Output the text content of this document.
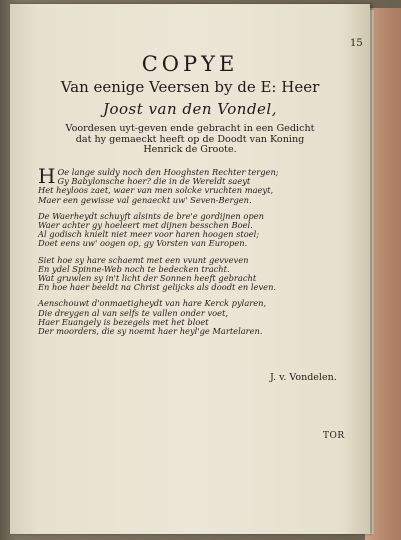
15
COPYE
Van eenige Veersen by de E: Heer
Joost van den Vondel,
Voordesen uyt-geven ende gebracht in een Gedicht
dat hy gemaeckt heeft op de Doodt van Koning
Henrick de Groote.
H Oe lange suldy noch den Hooghsten Rechter tergen;
Gy Babylonsche hoer? die in de Wereldt saeyt
Het heyloos zaet, waer van men solcke vruchten maeyt,
Maer een gewisse val genaeckt uw' Seven-Bergen.
De Waerheydt schuyft alsints de bre'e gordijnen open
Waer achter gy hoeleert met dijnen besschen Boel.
Al godisch knielt niet meer voor haren hoogen stoel;
Doet eens uw' oogen op, gy Vorsten van Europen.
Siet hoe sy hare schaemt met een vvunt gevveven
En ydel Spinne-Web noch te bedecken tracht.
Wat gruwlen sy in't licht der Sonnen heeft gebracht
En hoe haer beeldt na Christ gelijcks als doodt en leven.
Aenschouwt d'onmaetigheydt van hare Kerck pylaren,
Die dreygen al van selfs te vallen onder voet,
Haer Euangely is bezegels met het bloet
Der moorders, die sy noemt haer heyl'ge Martelaren.
J. v. Vondelen.
TOR
